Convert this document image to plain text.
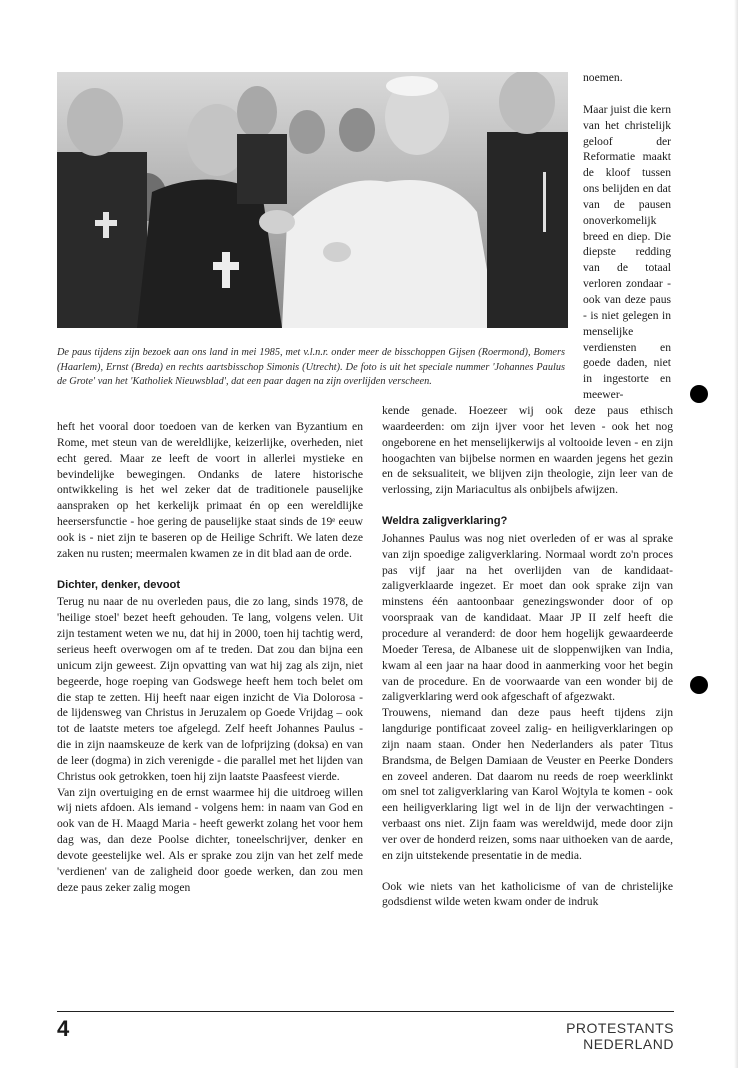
De paus tijdens zijn bezoek aan ons land in mei 1985, met v.l.n.r. onder meer de bisschoppen Gijsen (Roermond), Bomers (Haarlem), Ernst (Breda) en rechts aartsbisschop Simonis (Utrecht). De foto is uit het speciale nummer 'Johannes Paulus de Grote' van het 'Katholiek Nieuwsblad', dat een paar dagen na zijn overlijden verscheen.

noemen.

Maar juist die kern van het christelijk geloof der Reformatie maakt de kloof tussen ons belijden en dat van de pausen onoverkomelijk breed en diep. Die diepste redding van de totaal verloren zondaar - ook van deze paus - is niet gelegen in menselijke verdiensten en goede daden, niet in ingestorte en meewer-

heft het vooral door toedoen van de kerken van Byzantium en Rome, met steun van de wereldlijke, keizerlijke, overheden, niet echt gered. Maar ze leeft de voort in allerlei mystieke en bevindelijke bewegingen. Ondanks de latere historische ontwikkeling is het wel zeker dat de traditionele pauselijke aanspraken op het kerkelijk primaat én op een wereldlijke heersersfunctie - hoe gering de pauselijke staat sinds de 19ᵉ eeuw ook is - niet zijn te baseren op de Heilige Schrift. We laten deze zaken nu rusten; meermalen kwamen ze in dit blad aan de orde.

Dichter, denker, devoot

Terug nu naar de nu overleden paus, die zo lang, sinds 1978, de 'heilige stoel' bezet heeft gehouden. Te lang, volgens velen. Uit zijn testament weten we nu, dat hij in 2000, toen hij tachtig werd, serieus heeft overwogen om af te treden. Dat zou dan bijna een unicum zijn geweest. Zijn opvatting van wat hij zag als zijn, niet begeerde, hoge roeping van Godswege heeft hem toch belet om die stap te zetten. Hij heeft naar eigen inzicht de Via Dolorosa - de lijdensweg van Christus in Jeruzalem op Goede Vrijdag – ook tot de laatste meters toe afgelegd. Zelf heeft Johannes Paulus - die in zijn naamskeuze de kerk van de lofprijzing (doksa) en van de leer (dogma) in zich verenigde - die parallel met het lijden van Christus ook getrokken, toen hij zijn laatste Paasfeest vierde.

Van zijn overtuiging en de ernst waarmee hij die uitdroeg willen wij niets afdoen. Als iemand - volgens hem: in naam van God en ook van de H. Maagd Maria - heeft gewerkt zolang het voor hem dag was, dan deze Poolse dichter, toneelschrijver, denker en devote geestelijke wel. Als er sprake zou zijn van het zelf mede 'verdienen' van de zaligheid door goede werken, dan zou men deze paus zeker zalig mogen

kende genade. Hoezeer wij ook deze paus ethisch waardeerden: om zijn ijver voor het leven - ook het nog ongeborene en het menselijkerwijs al voltooide leven - en zijn hoogachten van bijbelse normen en waarden jegens het gezin en de seksualiteit, we blijven zijn theologie, zijn leer van de verlossing, zijn Mariacultus als onbijbels afwijzen.

Weldra zaligverklaring?

Johannes Paulus was nog niet overleden of er was al sprake van zijn spoedige zaligverklaring. Normaal wordt zo'n proces pas vijf jaar na het overlijden van de kandidaat-zaligverklaarde ingezet. Er moet dan ook sprake zijn van minstens één aantoonbaar genezingswonder door of op voorspraak van de kandidaat. Maar JP II zelf heeft die procedure al veranderd: de door hem hogelijk gewaardeerde Moeder Teresa, de Albanese uit de sloppenwijken van India, kwam al een jaar na haar dood in aanmerking voor het begin van de procedure. En de voorwaarde van een wonder bij de zaligverklaring werd ook afgeschaft of afgezwakt.

Trouwens, niemand dan deze paus heeft tijdens zijn langdurige pontificaat zoveel zalig- en heiligverklaringen op zijn naam staan. Onder hen Nederlanders als pater Titus Brandsma, de Belgen Damiaan de Veuster en Peerke Donders en zoveel anderen. Dat daarom nu reeds de roep weerklinkt om snel tot zaligverklaring van Karol Wojtyla te komen - ook een heiligverklaring ligt wel in de lijn der verwachtingen - verbaast ons niet. Zijn faam was wereldwijd, mede door zijn ver over de honderd reizen, soms naar uithoeken van de aarde, en zijn uitstekende presentatie in de media.

Ook wie niets van het katholicisme of van de christelijke godsdienst wilde weten kwam onder de indruk

4	PROTESTANTS NEDERLAND
